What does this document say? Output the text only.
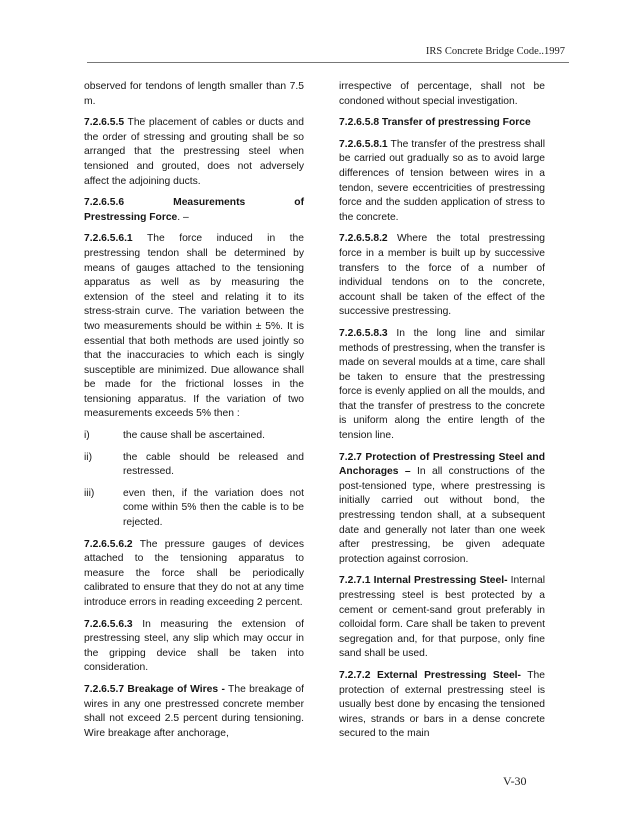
IRS Concrete Bridge Code..1997

observed for tendons of length smaller than 7.5 m.

7.2.6.5.5 The placement of cables or ducts and the order of stressing and grouting shall be so arranged that the prestressing steel when tensioned and grouted, does not adversely affect the adjoining ducts.

7.2.6.5.6	Measurements	of
Prestressing Force. –

7.2.6.5.6.1 The force induced in the prestressing tendon shall be determined by means of gauges attached to the tensioning apparatus as well as by measuring the extension of the steel and relating it to its stress-strain curve. The variation between the two measurements should be within ± 5%. It is essential that both methods are used jointly so that the inaccuracies to which each is singly susceptible are minimized. Due allowance shall be made for the frictional losses in the tensioning apparatus. If the variation of two measurements exceeds 5% then :

i)	the cause shall be ascertained.
ii)	the cable should be released and restressed.
iii)	even then, if the variation does not come within 5% then the cable is to be rejected.

7.2.6.5.6.2 The pressure gauges of devices attached to the tensioning apparatus to measure the force shall be periodically calibrated to ensure that they do not at any time introduce errors in reading exceeding 2 percent.

7.2.6.5.6.3 In measuring the extension of prestressing steel, any slip which may occur in the gripping device shall be taken into consideration.

7.2.6.5.7 Breakage of Wires - The breakage of wires in any one prestressed concrete member shall not exceed 2.5 percent during tensioning. Wire breakage after anchorage,

irrespective of percentage, shall not be condoned without special investigation.

7.2.6.5.8 Transfer of prestressing Force

7.2.6.5.8.1 The transfer of the prestress shall be carried out gradually so as to avoid large differences of tension between wires in a tendon, severe eccentricities of prestressing force and the sudden application of stress to the concrete.

7.2.6.5.8.2 Where the total prestressing force in a member is built up by successive transfers to the force of a number of individual tendons on to the concrete, account shall be taken of the effect of the successive prestressing.

7.2.6.5.8.3 In the long line and similar methods of prestressing, when the transfer is made on several moulds at a time, care shall be taken to ensure that the prestressing force is evenly applied on all the moulds, and that the transfer of prestress to the concrete is uniform along the entire length of the tension line.

7.2.7 Protection of Prestressing Steel and Anchorages – In all constructions of the post-tensioned type, where prestressing is initially carried out without bond, the prestressing tendon shall, at a subsequent date and generally not later than one week after prestressing, be given adequate protection against corrosion.

7.2.7.1 Internal Prestressing Steel- Internal prestressing steel is best protected by a cement or cement-sand grout preferably in colloidal form. Care shall be taken to prevent segregation and, for that purpose, only fine sand shall be used.

7.2.7.2 External Prestressing Steel- The protection of external prestressing steel is usually best done by encasing the tensioned wires, strands or bars in a dense concrete secured to the main

V-30
